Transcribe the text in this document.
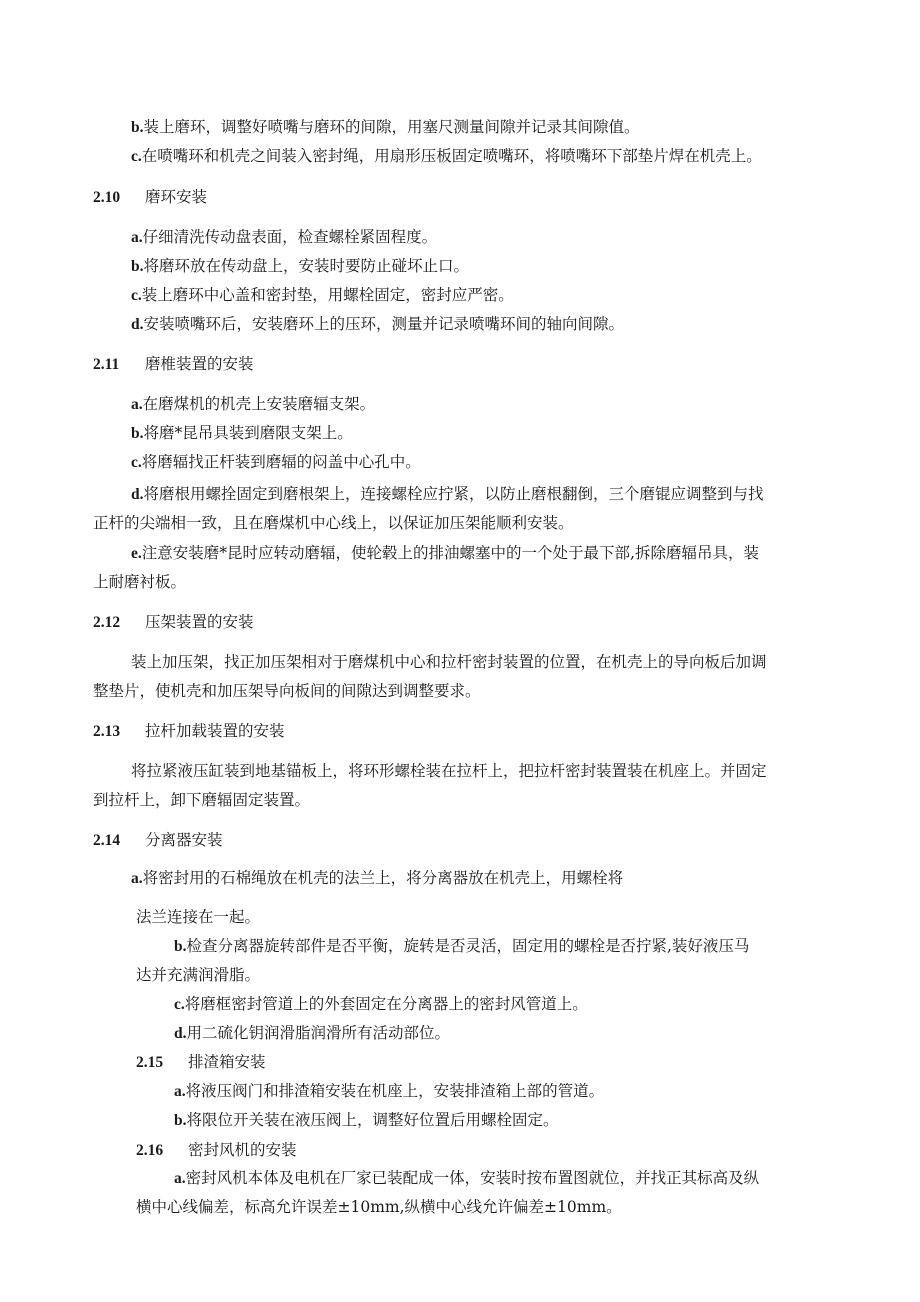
b.装上磨环，调整好喷嘴与磨环的间隙，用塞尺测量间隙并记录其间隙值。
c.在喷嘴环和机壳之间装入密封绳，用扇形压板固定喷嘴环，将喷嘴环下部垫片焊在机壳上。
2.10 磨环安装
a.仔细清洗传动盘表面，检查螺栓紧固程度。
b.将磨环放在传动盘上，安装时要防止碰坏止口。
c.装上磨环中心盖和密封垫，用螺栓固定，密封应严密。
d.安装喷嘴环后，安装磨环上的压环，测量并记录喷嘴环间的轴向间隙。
2.11 磨椎装置的安装
a.在磨煤机的机壳上安装磨辐支架。
b.将磨*昆吊具装到磨限支架上。
c.将磨辐找正杆装到磨辐的闷盖中心孔中。
d.将磨根用螺拴固定到磨根架上，连接螺栓应拧紧，以防止磨根翻倒，三个磨锟应调整到与找
正杆的尖端相一致，且在磨煤机中心线上，以保证加压架能顺利安装。
e.注意安装磨*昆时应转动磨辐，使轮毂上的排油螺塞中的一个处于最下部,拆除磨辐吊具，装
上耐磨衬板。
2.12 压架装置的安装
装上加压架，找正加压架相对于磨煤机中心和拉杆密封装置的位置，在机壳上的导向板后加调
整垫片，使机壳和加压架导向板间的间隙达到调整要求。
2.13 拉杆加载装置的安装
将拉紧液压缸装到地基锚板上，将环形螺栓装在拉杆上，把拉杆密封装置装在机座上。并固定
到拉杆上，卸下磨辐固定装置。
2.14 分离器安装
a.将密封用的石棉绳放在机壳的法兰上，将分离器放在机壳上，用螺栓将
法兰连接在一起。
b.检查分离器旋转部件是否平衡，旋转是否灵活，固定用的螺栓是否拧紧,装好液压马
达并充满润滑脂。
c.将磨框密封管道上的外套固定在分离器上的密封风管道上。
d.用二硫化钥润滑脂润滑所有活动部位。
2.15 排渣箱安装
a.将液压阀门和排渣箱安装在机座上，安装排渣箱上部的管道。
b.将限位开关装在液压阀上，调整好位置后用螺栓固定。
2.16 密封风机的安装
a.密封风机本体及电机在厂家已装配成一体，安装时按布置图就位，并找正其标高及纵
横中心线偏差，标高允许误差±10mm,纵横中心线允许偏差±10mm。
